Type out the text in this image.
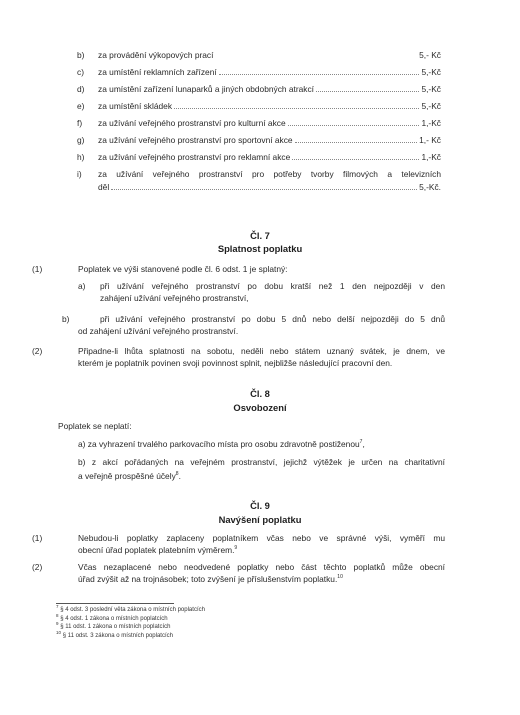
b)	za provádění výkopových prací	5,- Kč
c)	za umístění reklamních zařízení	5,-Kč
d)	za umístění zařízení lunaparků a jiných obdobných atrakcí	5,-Kč
e)	za umístění skládek	5,-Kč
f)	za užívání veřejného prostranství pro kulturní akce	1,-Kč
g)	za užívání veřejného prostranství pro sportovní akce	1,- Kč
h)	za užívání veřejného prostranství pro reklamní akce	1,-Kč
i)	za užívání veřejného prostranství pro potřeby tvorby filmových a televizních
děl	5,-Kč.
Čl. 7
Splatnost poplatku
(1)	Poplatek ve výši stanovené podle čl. 6 odst. 1 je splatný:
a) při užívání veřejného prostranství po dobu kratší než 1 den nejpozději v den
zahájení užívání veřejného prostranství,
b)	při užívání veřejného prostranství po dobu 5 dnů nebo delší nejpozději do 5 dnů
od zahájení užívání veřejného prostranství.
(2)	Připadne-li lhůta splatnosti na sobotu, neděli nebo státem uznaný svátek, je dnem, ve
kterém je poplatník povinen svoji povinnost splnit, nejbližše následující pracovní den.
Čl. 8
Osvobození
Poplatek se neplatí:
a) za vyhrazení trvalého parkovacího místa pro osobu zdravotně postiženou$^7$,
b) z akcí pořádaných na veřejném prostranství, jejichž výtěžek je určen na charitativní
a veřejně prospěšné účely$^8$.
Čl. 9
Navýšení poplatku
(1)	Nebudou-li poplatky zaplaceny poplatníkem včas nebo ve správné výši, vyměří mu
obecní úřad poplatek platebním výměrem.$^9$
(2)	Včas nezaplacené nebo neodvedené poplatky nebo část těchto poplatků může obecní
úřad zvýšit až na trojnásobek; toto zvýšení je příslušenstvím poplatku.$^{10}$
$^7$ § 4 odst. 3 poslední věta zákona o místních poplatcích
$^8$ § 4 odst. 1 zákona o místních poplatcích
$^9$ § 11 odst. 1 zákona o místních poplatcích
$^{10}$ § 11 odst. 3 zákona o místních poplatcích
